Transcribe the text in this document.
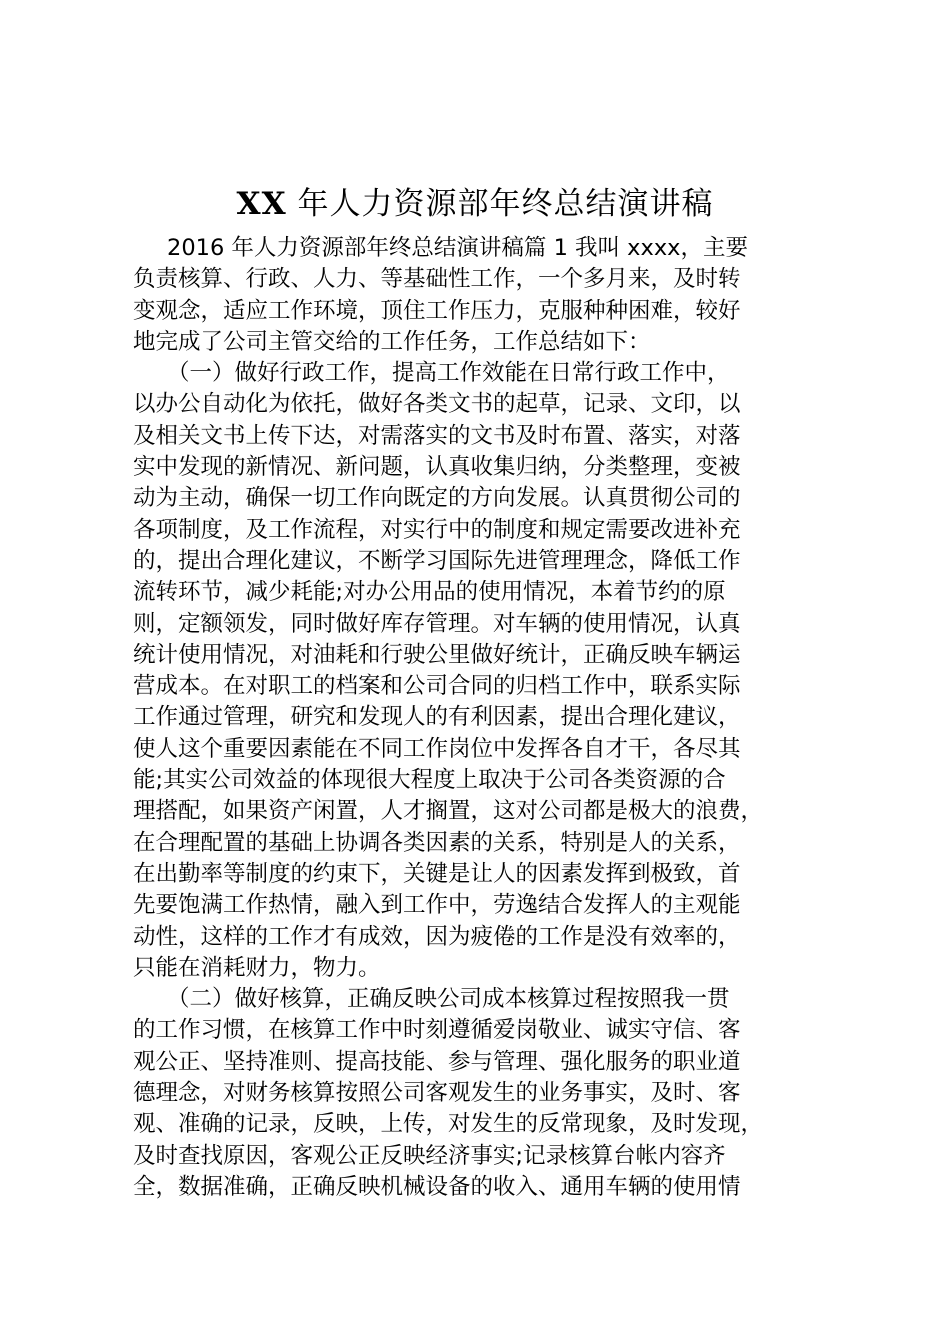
XX 年人力资源部年终总结演讲稿
2016 年人力资源部年终总结演讲稿篇 1 我叫 xxxx，主要
负责核算、行政、人力、等基础性工作，一个多月来，及时转
变观念，适应工作环境，顶住工作压力，克服种种困难，较好
地完成了公司主管交给的工作任务，工作总结如下：
（一）做好行政工作，提高工作效能在日常行政工作中，
以办公自动化为依托，做好各类文书的起草，记录、文印，以
及相关文书上传下达，对需落实的文书及时布置、落实，对落
实中发现的新情况、新问题，认真收集归纳，分类整理，变被
动为主动，确保一切工作向既定的方向发展。认真贯彻公司的
各项制度，及工作流程，对实行中的制度和规定需要改进补充
的，提出合理化建议，不断学习国际先进管理理念，降低工作
流转环节，减少耗能;对办公用品的使用情况，本着节约的原
则，定额领发，同时做好库存管理。对车辆的使用情况，认真
统计使用情况，对油耗和行驶公里做好统计，正确反映车辆运
营成本。在对职工的档案和公司合同的归档工作中，联系实际
工作通过管理，研究和发现人的有利因素，提出合理化建议，
使人这个重要因素能在不同工作岗位中发挥各自才干，各尽其
能;其实公司效益的体现很大程度上取决于公司各类资源的合
理搭配，如果资产闲置，人才搁置，这对公司都是极大的浪费，
在合理配置的基础上协调各类因素的关系，特别是人的关系，
在出勤率等制度的约束下，关键是让人的因素发挥到极致，首
先要饱满工作热情，融入到工作中，劳逸结合发挥人的主观能
动性，这样的工作才有成效，因为疲倦的工作是没有效率的，
只能在消耗财力，物力。
（二）做好核算，正确反映公司成本核算过程按照我一贯
的工作习惯，在核算工作中时刻遵循爱岗敬业、诚实守信、客
观公正、坚持准则、提高技能、参与管理、强化服务的职业道
德理念，对财务核算按照公司客观发生的业务事实，及时、客
观、准确的记录，反映，上传，对发生的反常现象，及时发现，
及时查找原因，客观公正反映经济事实;记录核算台帐内容齐
全，数据准确，正确反映机械设备的收入、通用车辆的使用情
